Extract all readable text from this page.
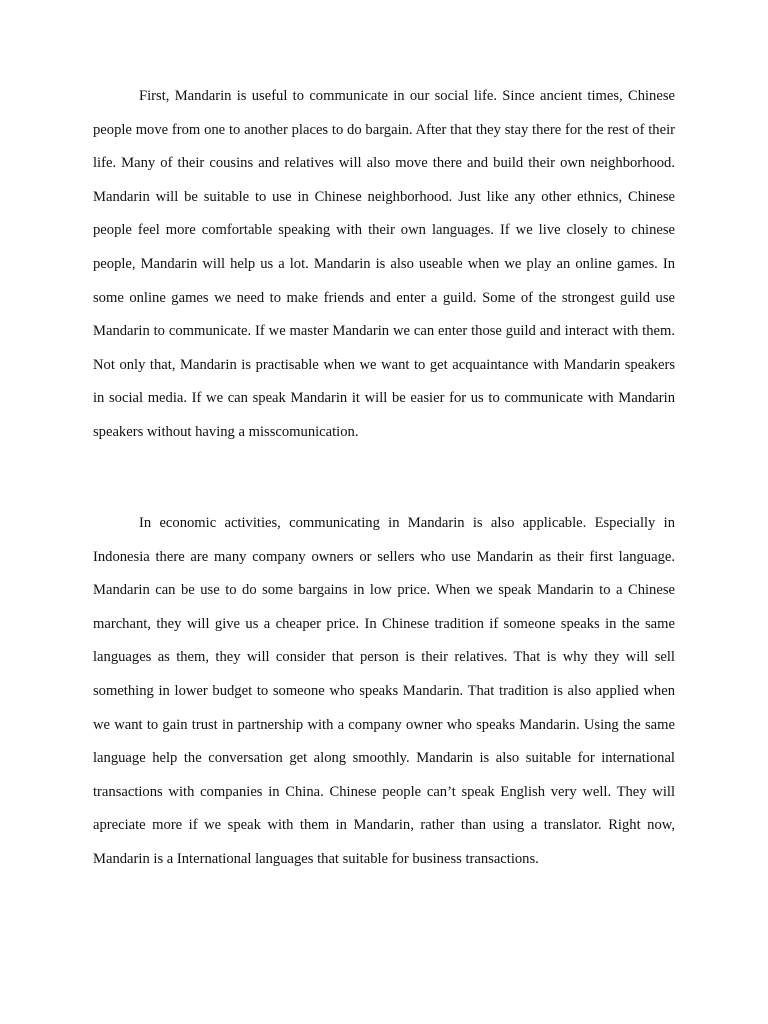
First, Mandarin is useful to communicate in our social life. Since ancient times, Chinese people move from one to another places to do bargain. After that they stay there for the rest of their life. Many of their cousins and relatives will also move there and build their own neighborhood. Mandarin will be suitable to use in Chinese neighborhood. Just like any other ethnics, Chinese people feel more comfortable speaking with their own languages. If we live closely to chinese people, Mandarin will help us a lot. Mandarin is also useable when we play an online games. In some online games we need to make friends and enter a guild. Some of the strongest guild use Mandarin to communicate. If we master Mandarin we can enter those guild and interact with them. Not only that, Mandarin is practisable when we want to get acquaintance with Mandarin speakers in social media. If we can speak Mandarin it will be easier for us to communicate with Mandarin speakers without having a misscomunication.

In economic activities, communicating in Mandarin is also applicable. Especially in Indonesia there are many company owners or sellers who use Mandarin as their first language. Mandarin can be use to do some bargains in low price. When we speak Mandarin to a Chinese marchant, they will give us a cheaper price. In Chinese tradition if someone speaks in the same languages as them, they will consider that person is their relatives. That is why they will sell something in lower budget to someone who speaks Mandarin. That tradition is also applied when we want to gain trust in partnership with a company owner who speaks Mandarin. Using the same language help the conversation get along smoothly. Mandarin is also suitable for international transactions with companies in China. Chinese people can’t speak English very well. They will apreciate more if we speak with them in Mandarin, rather than using a translator. Right now, Mandarin is a International languages that suitable for business transactions.
